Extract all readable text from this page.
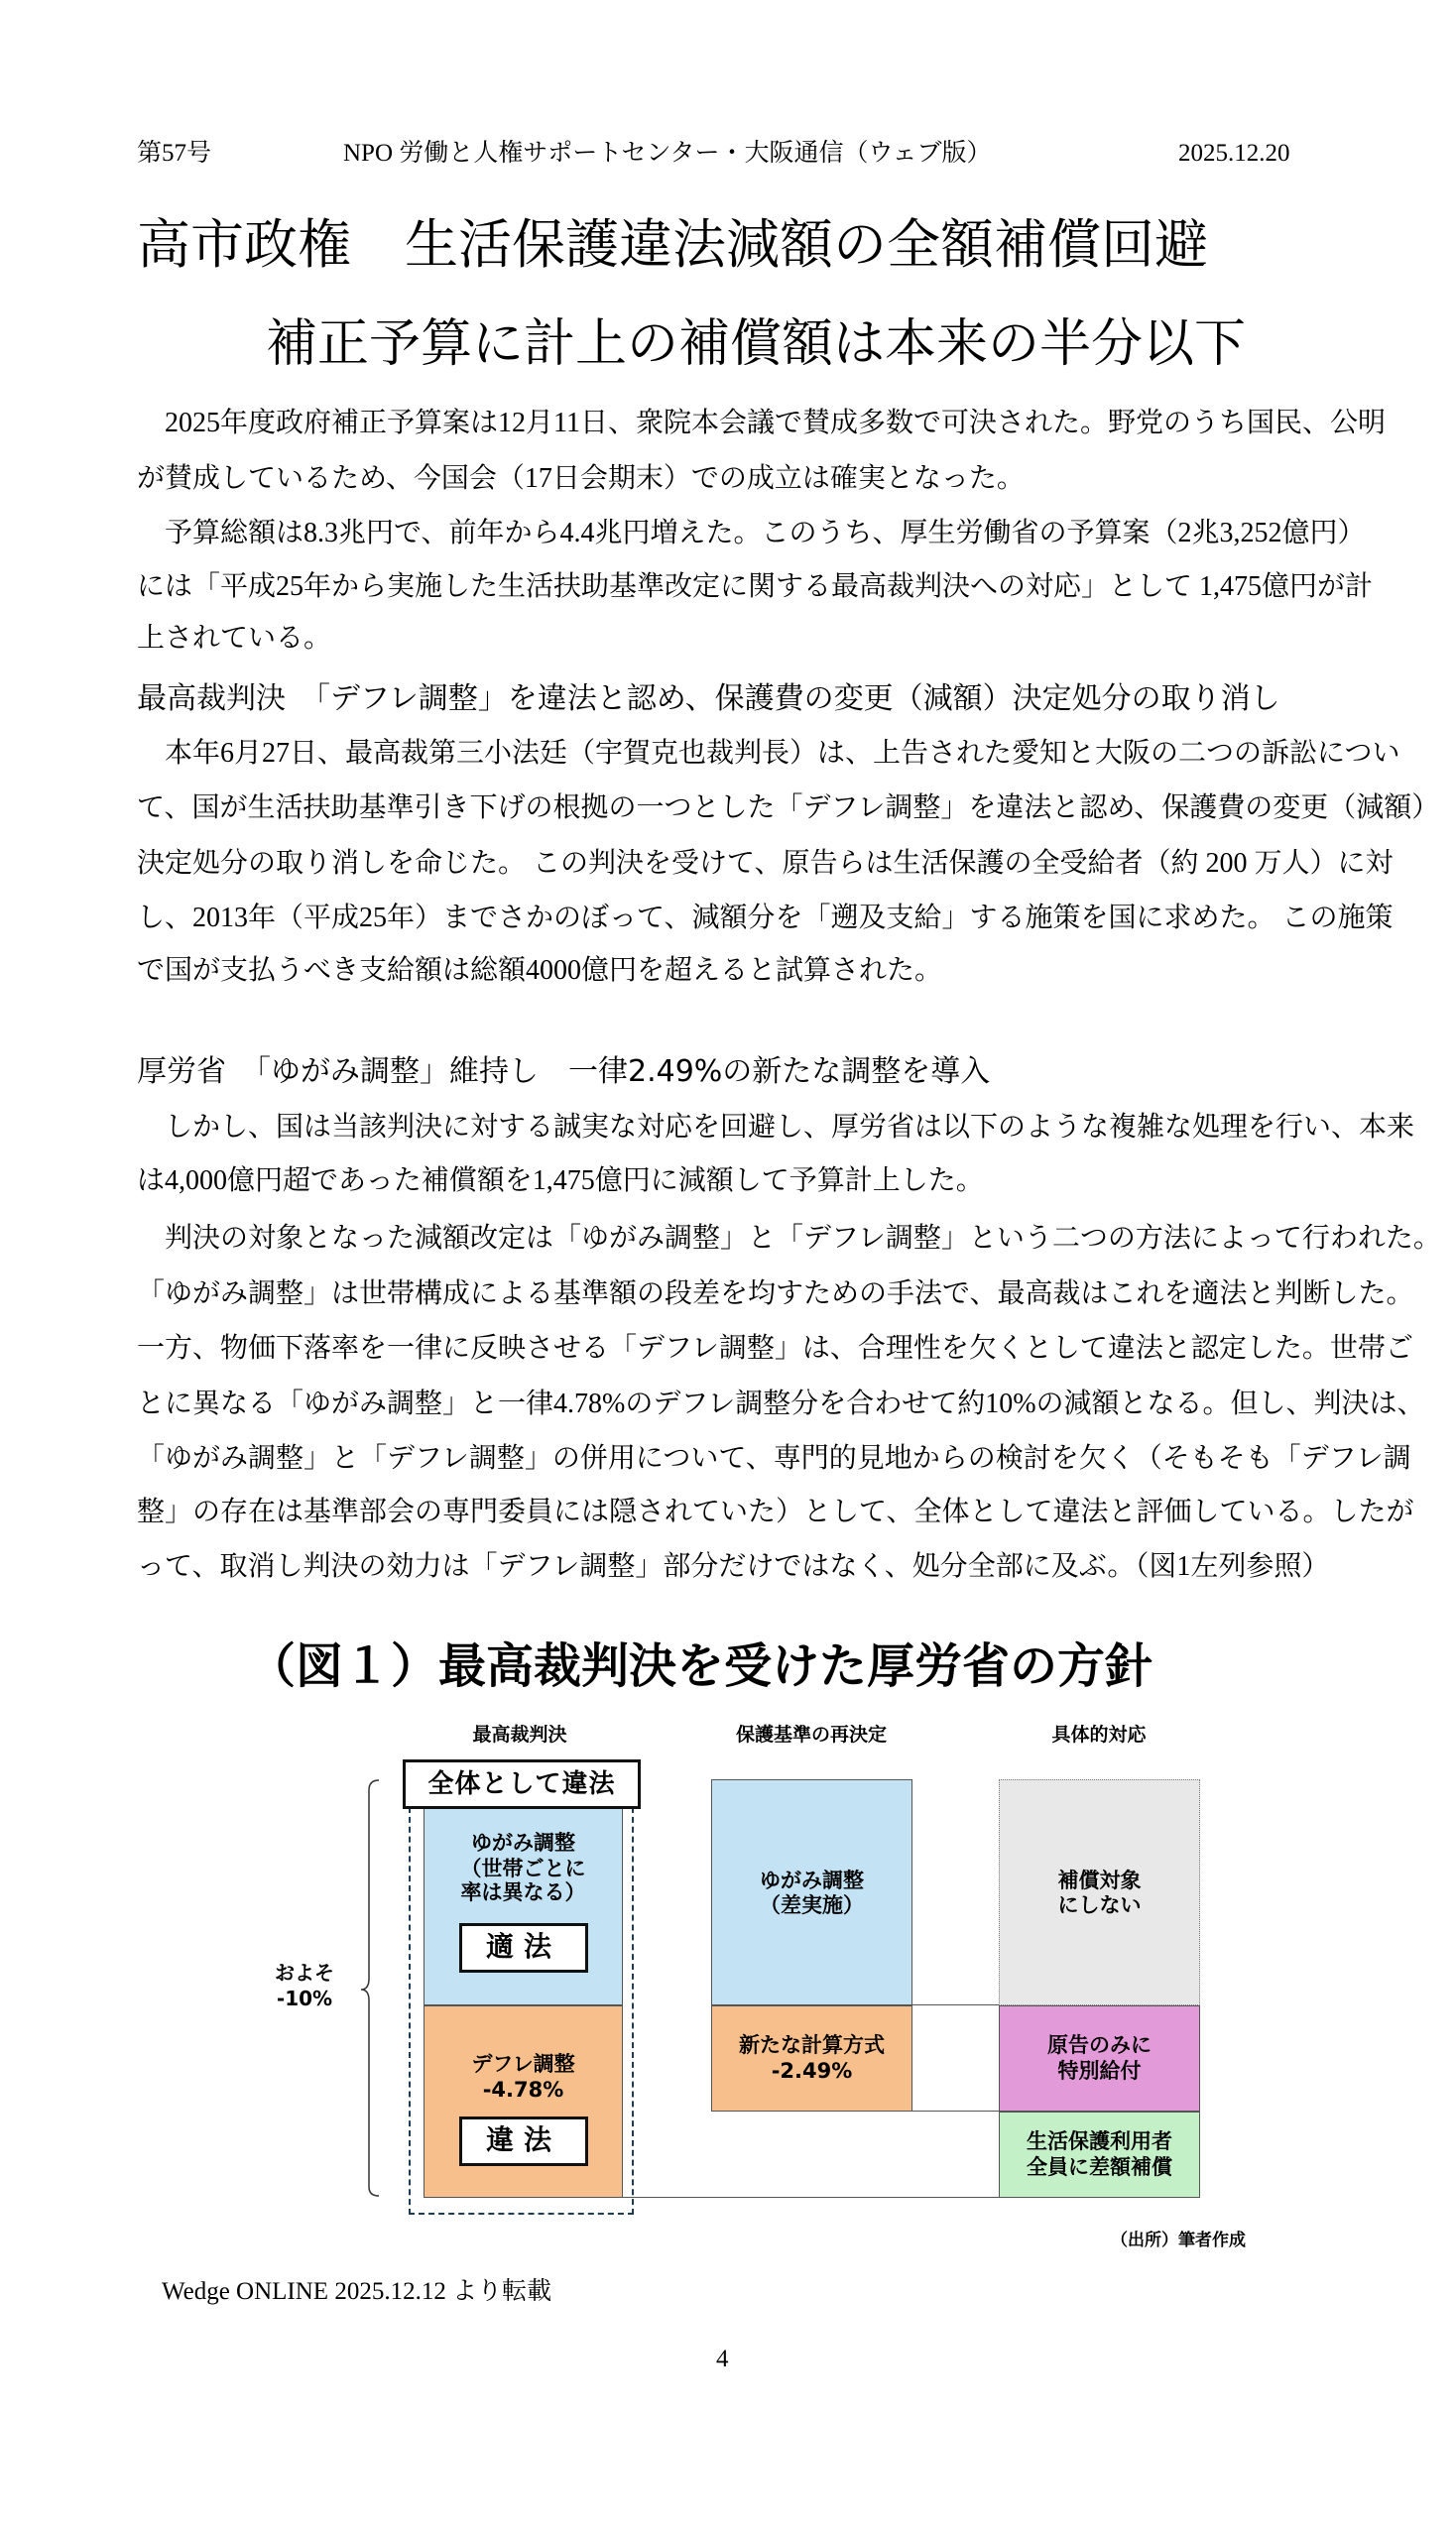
第57号	NPO 労働と人権サポートセンター・大阪通信（ウェブ版）	2025.12.20
高市政権　生活保護違法減額の全額補償回避
補正予算に計上の補償額は本来の半分以下
　2025年度政府補正予算案は12月11日、衆院本会議で賛成多数で可決された。野党のうち国民、公明
が賛成しているため、今国会（17日会期末）での成立は確実となった。
　予算総額は8.3兆円で、前年から4.4兆円増えた。このうち、厚生労働省の予算案（2兆3,252億円）
には「平成25年から実施した生活扶助基準改定に関する最高裁判決への対応」として 1,475億円が計
上されている。
最高裁判決　「デフレ調整」を違法と認め、保護費の変更（減額）決定処分の取り消し
　本年6月27日、最高裁第三小法廷（宇賀克也裁判長）は、上告された愛知と大阪の二つの訴訟につい
て、国が生活扶助基準引き下げの根拠の一つとした「デフレ調整」を違法と認め、保護費の変更（減額）
決定処分の取り消しを命じた。 この判決を受けて、原告らは生活保護の全受給者（約 200 万人）に対
し、2013年（平成25年）までさかのぼって、減額分を「遡及支給」する施策を国に求めた。 この施策
で国が支払うべき支給額は総額4000億円を超えると試算された。
厚労省　「ゆがみ調整」維持し　一律2.49%の新たな調整を導入
　しかし、国は当該判決に対する誠実な対応を回避し、厚労省は以下のような複雑な処理を行い、本来
は4,000億円超であった補償額を1,475億円に減額して予算計上した。
　判決の対象となった減額改定は「ゆがみ調整」と「デフレ調整」という二つの方法によって行われた。
「ゆがみ調整」は世帯構成による基準額の段差を均すための手法で、最高裁はこれを適法と判断した。
一方、物価下落率を一律に反映させる「デフレ調整」は、合理性を欠くとして違法と認定した。世帯ご
とに異なる「ゆがみ調整」と一律4.78%のデフレ調整分を合わせて約10%の減額となる。但し、判決は、
「ゆがみ調整」と「デフレ調整」の併用について、専門的見地からの検討を欠く（そもそも「デフレ調
整」の存在は基準部会の専門委員には隠されていた）として、全体として違法と評価している。したが
って、取消し判決の効力は「デフレ調整」部分だけではなく、処分全部に及ぶ。（図1左列参照）
（図１）最高裁判決を受けた厚労省の方針
最高裁判決	保護基準の再決定	具体的対応
およそ
-10%
ゆがみ調整
（世帯ごとに
率は異なる）
適法
デフレ調整
-4.78%
違法
全体として違法
ゆがみ調整
（差実施）
新たな計算方式
-2.49%
補償対象
にしない
原告のみに
特別給付
生活保護利用者
全員に差額補償
（出所）筆者作成
Wedge ONLINE 2025.12.12 より転載
4
